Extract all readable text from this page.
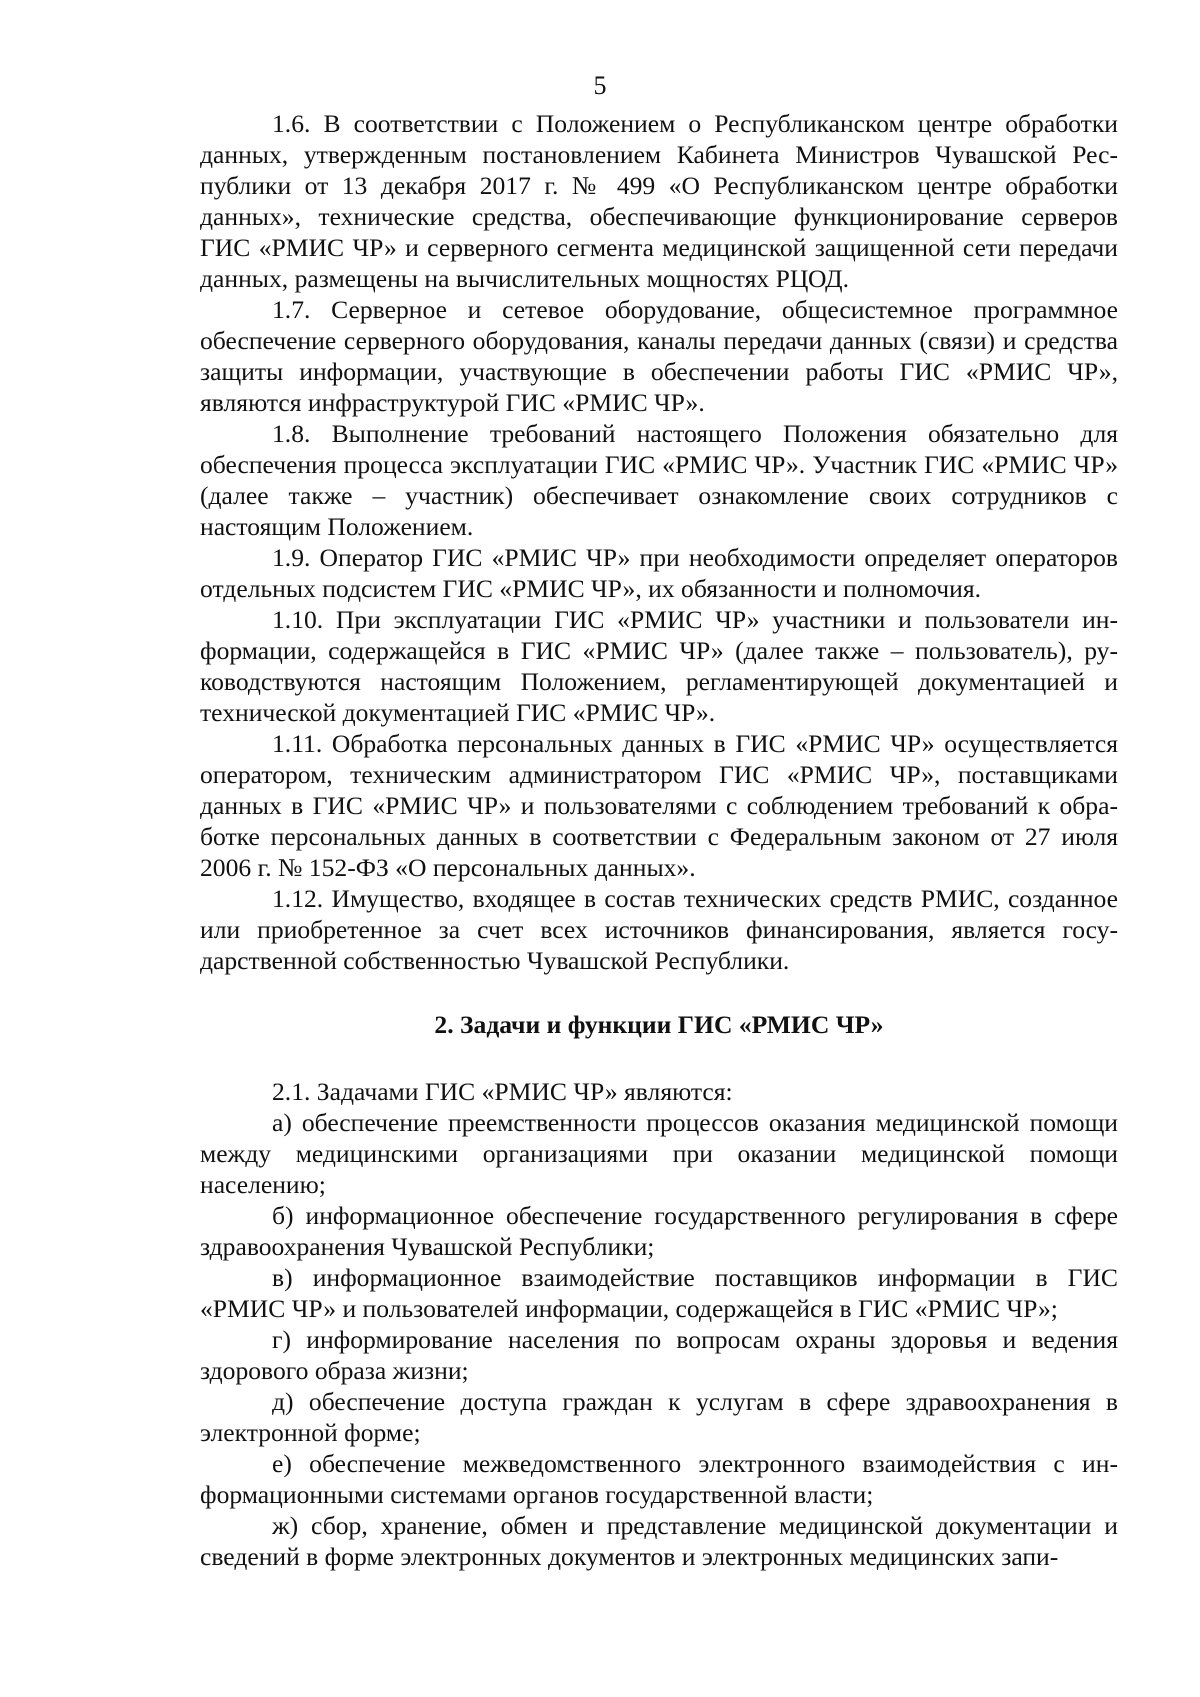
5

1.6. В соответствии с Положением о Республиканском центре обработки данных, утвержденным постановлением Кабинета Министров Чувашской Республики от 13 декабря 2017 г. № 499 «О Республиканском центре обработки данных», технические средства, обеспечивающие функционирование серверов ГИС «РМИС ЧР» и серверного сегмента медицинской защищенной сети передачи данных, размещены на вычислительных мощностях РЦОД.

1.7. Серверное и сетевое оборудование, общесистемное программное обеспечение серверного оборудования, каналы передачи данных (связи) и средства защиты информации, участвующие в обеспечении работы ГИС «РМИС ЧР», являются инфраструктурой ГИС «РМИС ЧР».

1.8. Выполнение требований настоящего Положения обязательно для обеспечения процесса эксплуатации ГИС «РМИС ЧР». Участник ГИС «РМИС ЧР» (далее также – участник) обеспечивает ознакомление своих сотрудников с настоящим Положением.

1.9. Оператор ГИС «РМИС ЧР» при необходимости определяет операторов отдельных подсистем ГИС «РМИС ЧР», их обязанности и полномочия.

1.10. При эксплуатации ГИС «РМИС ЧР» участники и пользователи информации, содержащейся в ГИС «РМИС ЧР» (далее также – пользователь), руководствуются настоящим Положением, регламентирующей документацией и технической документацией ГИС «РМИС ЧР».

1.11. Обработка персональных данных в ГИС «РМИС ЧР» осуществляется оператором, техническим администратором ГИС «РМИС ЧР», поставщиками данных в ГИС «РМИС ЧР» и пользователями с соблюдением требований к обработке персональных данных в соответствии с Федеральным законом от 27 июля 2006 г. № 152-ФЗ «О персональных данных».

1.12. Имущество, входящее в состав технических средств РМИС, созданное или приобретенное за счет всех источников финансирования, является государственной собственностью Чувашской Республики.

2. Задачи и функции ГИС «РМИС ЧР»

2.1. Задачами ГИС «РМИС ЧР» являются:

а) обеспечение преемственности процессов оказания медицинской помощи между медицинскими организациями при оказании медицинской помощи населению;

б) информационное обеспечение государственного регулирования в сфере здравоохранения Чувашской Республики;

в) информационное взаимодействие поставщиков информации в ГИС «РМИС ЧР» и пользователей информации, содержащейся в ГИС «РМИС ЧР»;

г) информирование населения по вопросам охраны здоровья и ведения здорового образа жизни;

д) обеспечение доступа граждан к услугам в сфере здравоохранения в электронной форме;

е) обеспечение межведомственного электронного взаимодействия с информационными системами органов государственной власти;

ж) сбор, хранение, обмен и представление медицинской документации и сведений в форме электронных документов и электронных медицинских запи-
